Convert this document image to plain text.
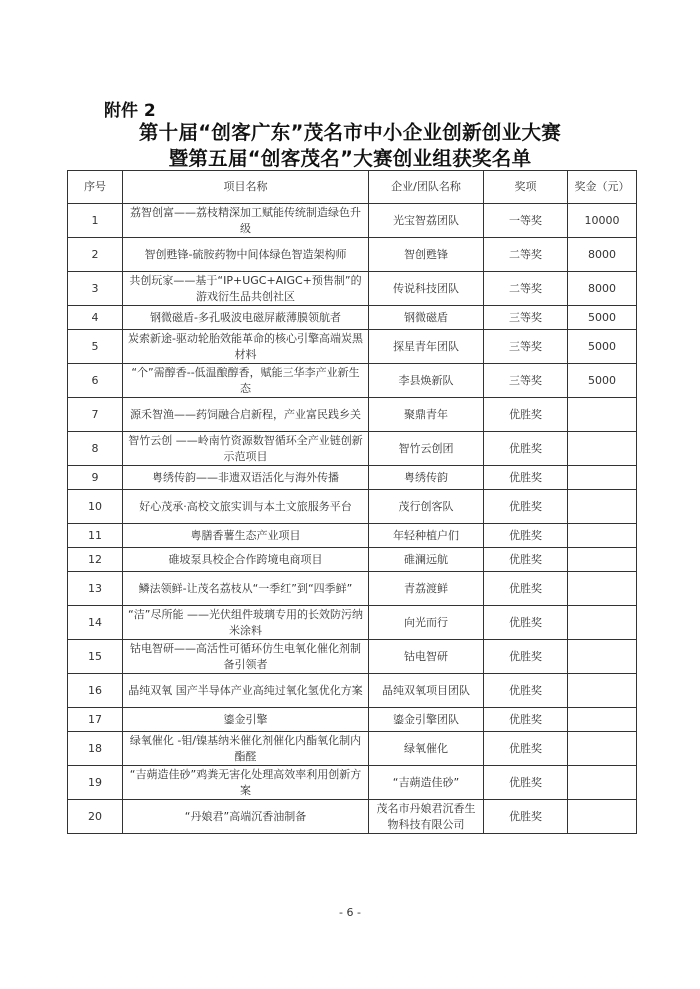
附件 2
第十届“创客广东”茂名市中小企业创新创业大赛
暨第五届“创客茂名”大赛创业组获奖名单
序号	项目名称	企业/团队名称	奖项	奖金（元）
1	荔智创富——荔枝精深加工赋能传统制造绿色升级	光宝智荔团队	一等奖	10000
2	智创甦锋-硫胺药物中间体绿色智造架构师	智创甦锋	二等奖	8000
3	共创玩家——基于“IP+UGC+AIGC+预售制”的游戏衍生品共创社区	传说科技团队	二等奖	8000
4	钢微磁盾-多孔吸波电磁屏蔽薄膜领航者	钢微磁盾	三等奖	5000
5	炭索新途-驱动轮胎效能革命的核心引擎高端炭黑材料	探星青年团队	三等奖	5000
6	“个”需醇香--低温酿醇香，赋能三华李产业新生态	李县焕新队	三等奖	5000
7	源禾智渔——药饲融合启新程，产业富民践乡关	聚鼎青年	优胜奖	
8	智竹云创 ——岭南竹资源数智循环全产业链创新示范项目	智竹云创团	优胜奖	
9	粤绣传韵——非遗双语活化与海外传播	粤绣传韵	优胜奖	
10	好心茂承·高校文旅实训与本土文旅服务平台	茂行创客队	优胜奖	
11	粤膳香薯生态产业项目	年轻种植户们	优胜奖	
12	碓坡泵具校企合作跨境电商项目	碓澜远航	优胜奖	
13	鳞法领鲜-让茂名荔枝从“一季红”到“四季鲜”	青荔渡鲜	优胜奖	
14	“洁”尽所能 ——光伏组件玻璃专用的长效防污纳米涂料	向光而行	优胜奖	
15	钴电智研——高活性可循环仿生电氧化催化剂制备引领者	钴电智研	优胜奖	
16	晶纯双氧 国产半导体产业高纯过氧化氢优化方案	晶纯双氧项目团队	优胜奖	
17	鎏金引擎	鎏金引擎团队	优胜奖	
18	绿氧催化 -钼/镍基纳米催化剂催化内酯氧化制内酯醛	绿氧催化	优胜奖	
19	“吉蒴造佳砂”鸡粪无害化处理高效率利用创新方案	“吉蒴造佳砂”	优胜奖	
20	“丹娘君”高端沉香油制备	茂名市丹娘君沉香生物科技有限公司	优胜奖	
- 6 -
